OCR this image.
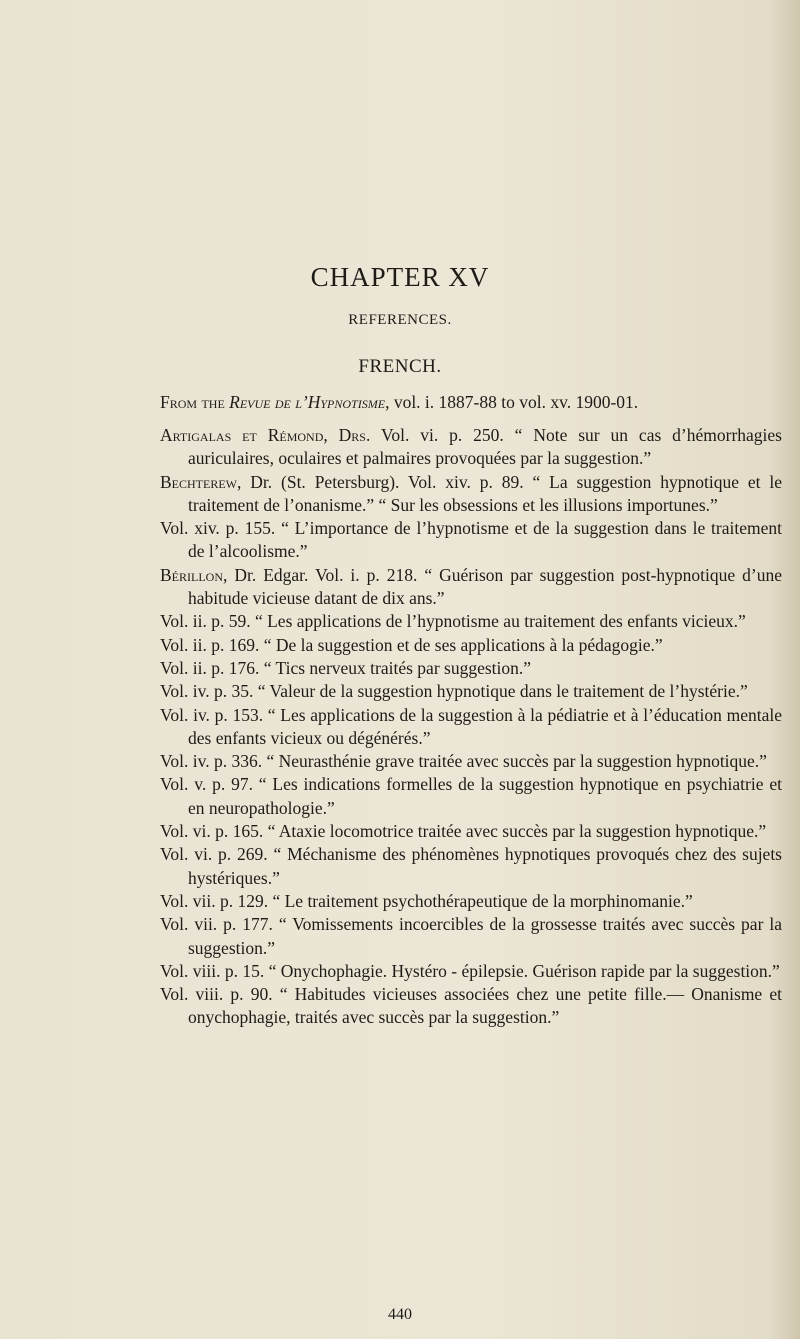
CHAPTER XV
REFERENCES.
FRENCH.
From the Revue de l’Hypnotisme, vol. i. 1887-88 to vol. xv. 1900-01.

Artigalas et Rémond, Drs. Vol. vi. p. 250. “ Note sur un cas d’hémorrhagies auriculaires, oculaires et palmaires provoquées par la suggestion.”

Bechterew, Dr. (St. Petersburg). Vol. xiv. p. 89. “ La suggestion hypnotique et le traitement de l’onanisme.” “ Sur les obsessions et les illusions importunes.”

Vol. xiv. p. 155. “ L’importance de l’hypnotisme et de la suggestion dans le traitement de l’alcoolisme.”

Bérillon, Dr. Edgar. Vol. i. p. 218. “ Guérison par suggestion post-hypnotique d’une habitude vicieuse datant de dix ans.”

Vol. ii. p. 59. “ Les applications de l’hypnotisme au traitement des enfants vicieux.”

Vol. ii. p. 169. “ De la suggestion et de ses applications à la pédagogie.”

Vol. ii. p. 176. “ Tics nerveux traités par suggestion.”

Vol. iv. p. 35. “ Valeur de la suggestion hypnotique dans le traitement de l’hystérie.”

Vol. iv. p. 153. “ Les applications de la suggestion à la pédiatrie et à l’éducation mentale des enfants vicieux ou dégénérés.”

Vol. iv. p. 336. “ Neurasthénie grave traitée avec succès par la suggestion hypnotique.”

Vol. v. p. 97. “ Les indications formelles de la suggestion hypnotique en psychiatrie et en neuropathologie.”

Vol. vi. p. 165. “ Ataxie locomotrice traitée avec succès par la suggestion hypnotique.”

Vol. vi. p. 269. “ Méchanisme des phénomènes hypnotiques provoqués chez des sujets hystériques.”

Vol. vii. p. 129. “ Le traitement psychothérapeutique de la morphinomanie.”

Vol. vii. p. 177. “ Vomissements incoercibles de la grossesse traités avec succès par la suggestion.”

Vol. viii. p. 15. “ Onychophagie. Hystéro - épilepsie. Guérison rapide par la suggestion.”

Vol. viii. p. 90. “ Habitudes vicieuses associées chez une petite fille.— Onanisme et onychophagie, traités avec succès par la suggestion.”

440
